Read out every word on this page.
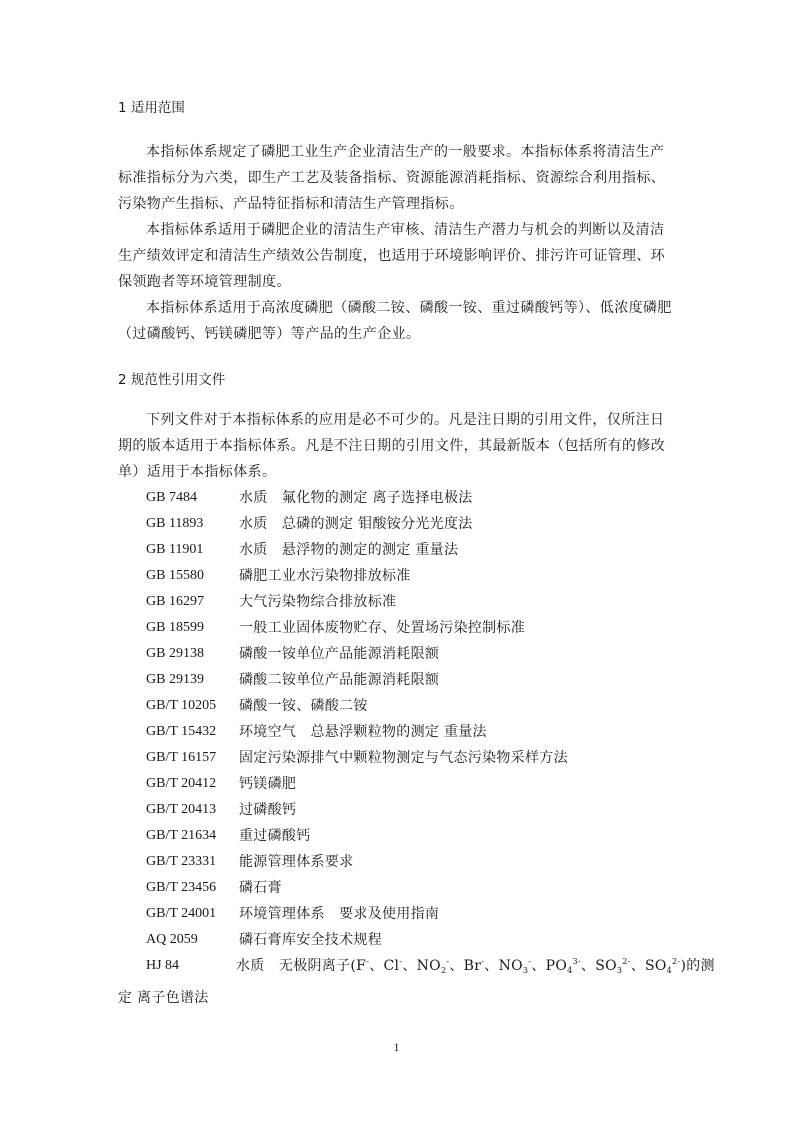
1 适用范围

本指标体系规定了磷肥工业生产企业清洁生产的一般要求。本指标体系将清洁生产标准指标分为六类，即生产工艺及装备指标、资源能源消耗指标、资源综合利用指标、污染物产生指标、产品特征指标和清洁生产管理指标。

本指标体系适用于磷肥企业的清洁生产审核、清洁生产潜力与机会的判断以及清洁生产绩效评定和清洁生产绩效公告制度，也适用于环境影响评价、排污许可证管理、环保领跑者等环境管理制度。

本指标体系适用于高浓度磷肥（磷酸二铵、磷酸一铵、重过磷酸钙等）、低浓度磷肥（过磷酸钙、钙镁磷肥等）等产品的生产企业。

2 规范性引用文件

下列文件对于本指标体系的应用是必不可少的。凡是注日期的引用文件，仅所注日期的版本适用于本指标体系。凡是不注日期的引用文件，其最新版本（包括所有的修改单）适用于本指标体系。

GB 7484	水质　氟化物的测定 离子选择电极法
GB 11893	水质　总磷的测定 钼酸铵分光光度法
GB 11901	水质　悬浮物的测定的测定 重量法
GB 15580	磷肥工业水污染物排放标准
GB 16297	大气污染物综合排放标准
GB 18599	一般工业固体废物贮存、处置场污染控制标准
GB 29138	磷酸一铵单位产品能源消耗限额
GB 29139	磷酸二铵单位产品能源消耗限额
GB/T 10205 磷酸一铵、磷酸二铵
GB/T 15432 环境空气　总悬浮颗粒物的测定 重量法
GB/T 16157 固定污染源排气中颗粒物测定与气态污染物采样方法
GB/T 20412 钙镁磷肥
GB/T 20413 过磷酸钙
GB/T 21634 重过磷酸钙
GB/T 23331 能源管理体系要求
GB/T 23456 磷石膏
GB/T 24001 环境管理体系　要求及使用指南
AQ 2059	磷石膏库安全技术规程
HJ 84	水质　无极阴离子(F-、Cl-、$NO_2^-$、Br-、$NO_3^-$、$PO_4^{3-}$、$SO_3^{2-}$、$SO_4^{2-}$)的测
定 离子色谱法
1
